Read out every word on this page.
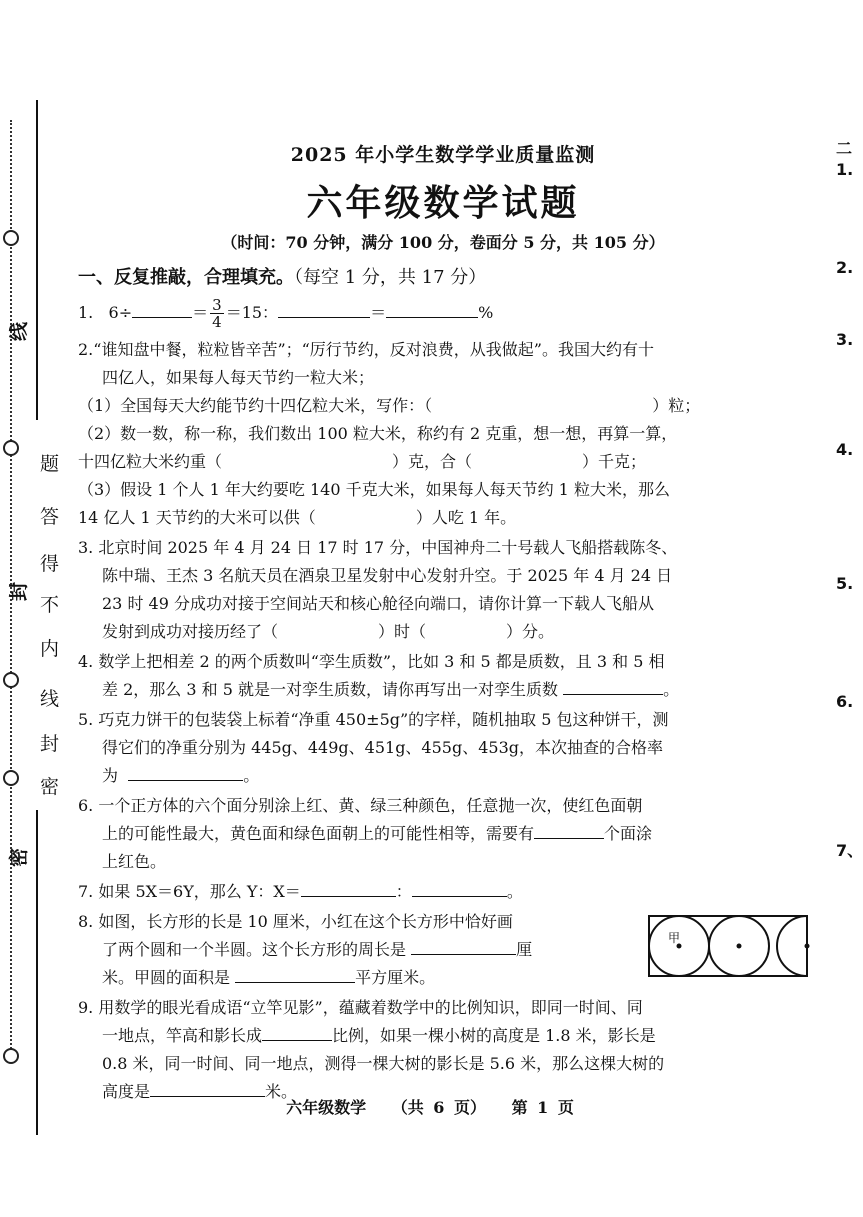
线
题
答
得
封
不
内
线
封
密
密
二
1.
2.
3.
4.
5.
6.
7、
2025 年小学生数学学业质量监测
六年级数学试题
（时间：70 分钟，满分 100 分，卷面分 5 分，共 105 分）
一、反复推敲，合理填充。（每空 1 分，共 17 分）
1. 6÷	＝ $\frac{3}{4} =15$：	＝	%
2.“谁知盘中餐，粒粒皆辛苦”；“厉行节约，反对浪费，从我做起”。我国大约有十
四亿人，如果每人每天节约一粒大米；
（1）全国每天大约能节约十四亿粒大米，写作：（	）粒；
（2）数一数，称一称，我们数出 100 粒大米，称约有 2 克重，想一想，再算一算，
十四亿粒大米约重（	）克，合（	）千克；
（3）假设 1 个人 1 年大约要吃 140 千克大米，如果每人每天节约 1 粒大米，那么
14 亿人 1 天节约的大米可以供（	）人吃 1 年。
3. 北京时间 2025 年 4 月 24 日 17 时 17 分，中国神舟二十号载人飞船搭载陈冬、
陈中瑞、王杰 3 名航天员在酒泉卫星发射中心发射升空。于 2025 年 4 月 24 日
23 时 49 分成功对接于空间站天和核心舱径向端口，请你计算一下载人飞船从
发射到成功对接历经了（	）时（	）分。
4. 数学上把相差 2 的两个质数叫“孪生质数”，比如 3 和 5 都是质数，且 3 和 5 相
差 2，那么 3 和 5 就是一对孪生质数，请你再写出一对孪生质数	。
5. 巧克力饼干的包装袋上标着“净重 450±5g”的字样，随机抽取 5 包这种饼干，测
得它们的净重分别为 445g、449g、451g、455g、453g，本次抽查的合格率
为	。
6. 一个正方体的六个面分别涂上红、黄、绿三种颜色，任意抛一次，使红色面朝
上的可能性最大，黄色面和绿色面朝上的可能性相等，需要有	个面涂
上红色。
7. 如果 5X＝6Y，那么 Y：X＝	：	。
8. 如图，长方形的长是 10 厘米，小红在这个长方形中恰好画
了两个圆和一个半圆。这个长方形的周长是	厘
米。甲圆的面积是	平方厘米。
甲
9. 用数学的眼光看成语“立竿见影”，蕴藏着数学中的比例知识，即同一时间、同
一地点，竿高和影长成	比例，如果一棵小树的高度是 1.8 米，影长是
0.8 米，同一时间、同一地点，测得一棵大树的影长是 5.6 米，那么这棵大树的
高度是	米。
六年级数学 （共 6 页） 第 1 页
